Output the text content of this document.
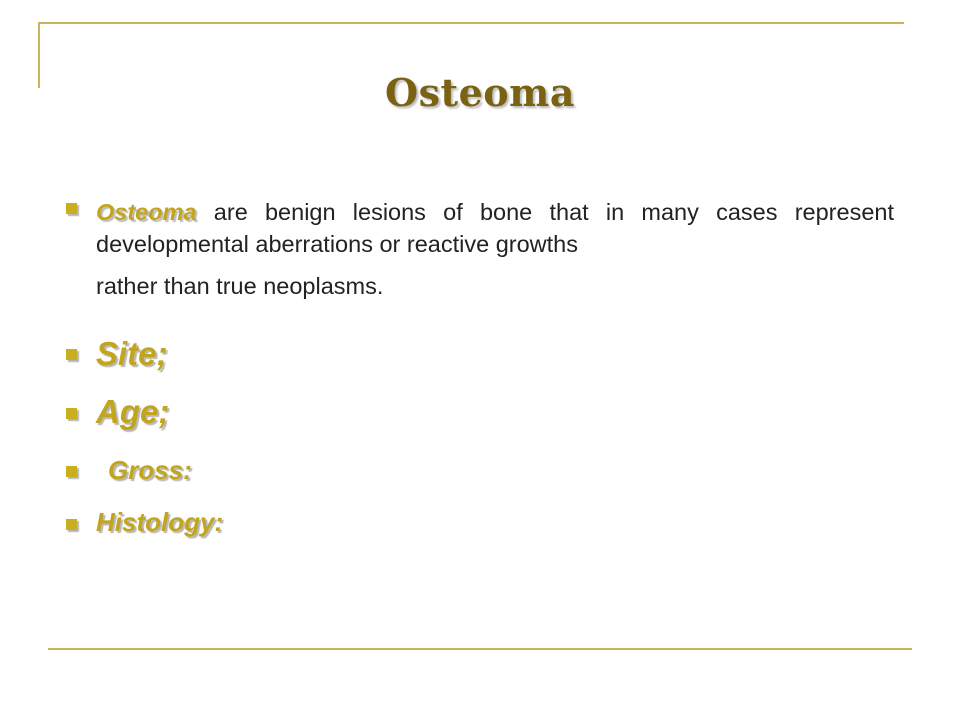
Osteoma
Osteoma are benign lesions of bone that in many cases represent developmental aberrations or reactive growths
rather than true neoplasms.
Site;
Age;
Gross:
Histology:
